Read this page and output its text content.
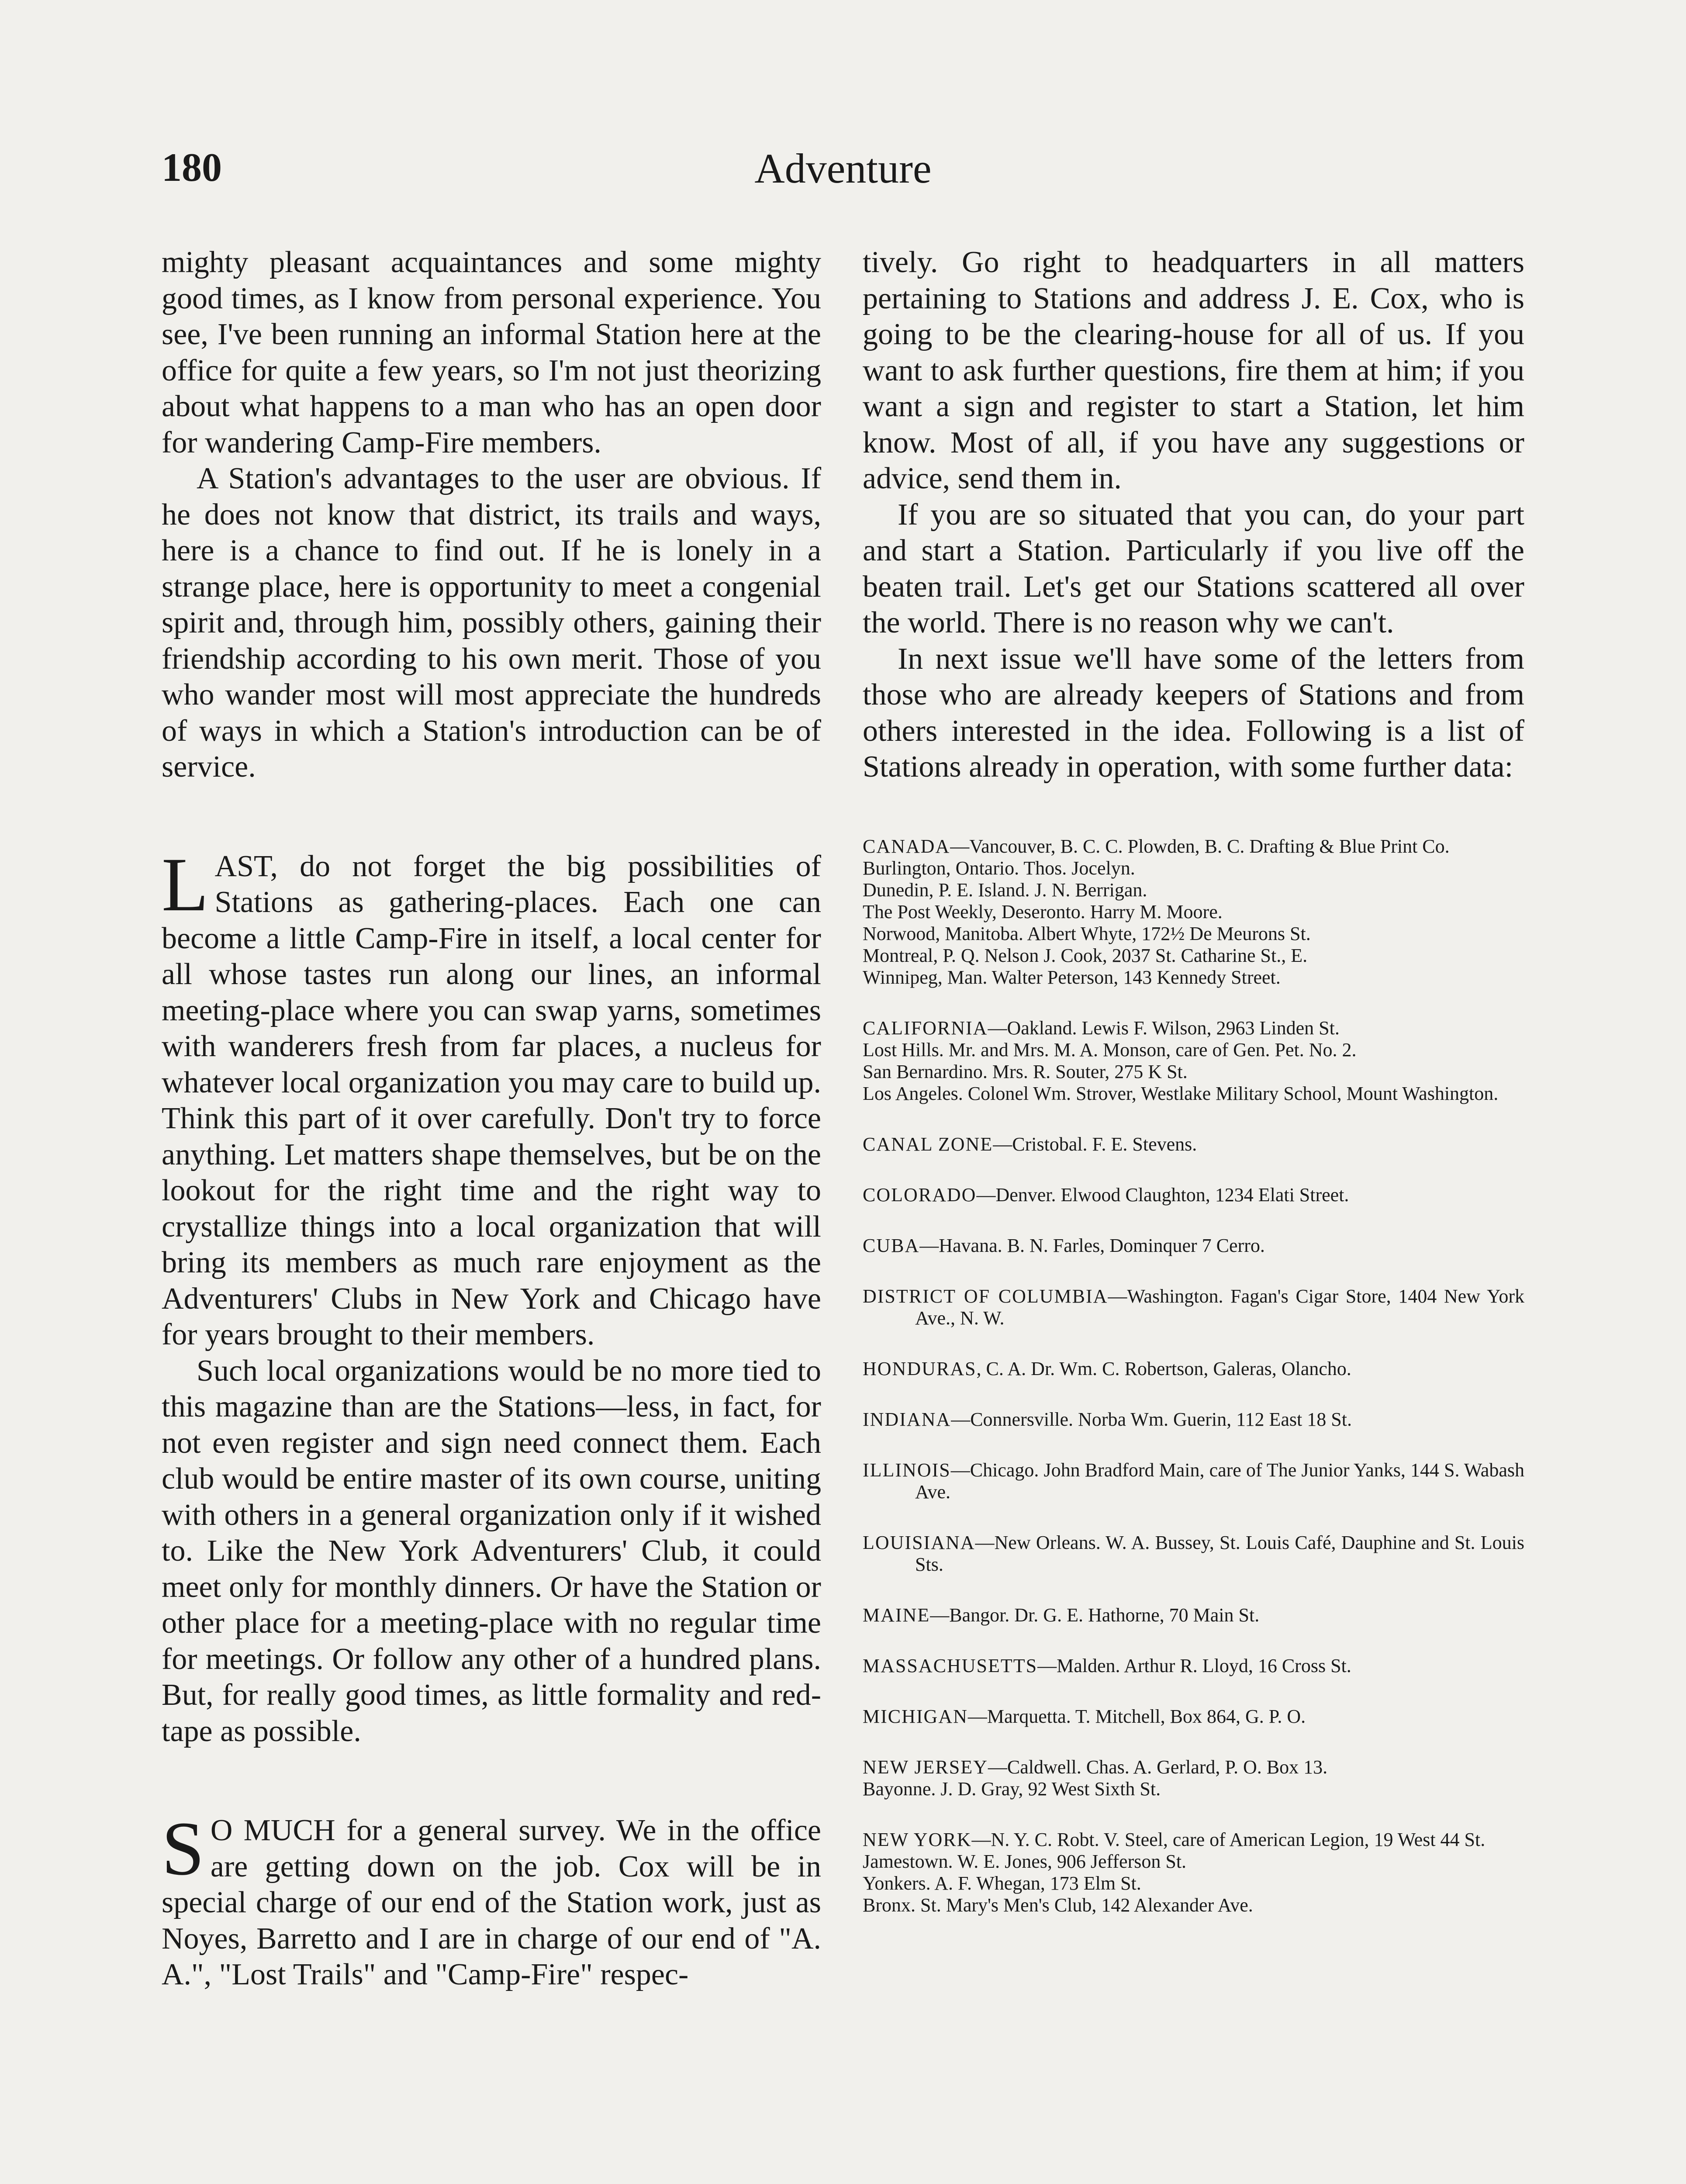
180	Adventure

mighty pleasant acquaintances and some mighty good times, as I know from personal experience. You see, I've been running an informal Station here at the office for quite a few years, so I'm not just theorizing about what happens to a man who has an open door for wandering Camp-Fire members.

A Station's advantages to the user are obvious. If he does not know that district, its trails and ways, here is a chance to find out. If he is lonely in a strange place, here is opportunity to meet a congenial spirit and, through him, possibly others, gaining their friendship according to his own merit. Those of you who wander most will most appreciate the hundreds of ways in which a Station's introduction can be of service.

LAST, do not forget the big possibilities of Stations as gathering-places. Each one can become a little Camp-Fire in itself, a local center for all whose tastes run along our lines, an informal meeting-place where you can swap yarns, sometimes with wanderers fresh from far places, a nucleus for whatever local organization you may care to build up. Think this part of it over carefully. Don't try to force anything. Let matters shape themselves, but be on the lookout for the right time and the right way to crystallize things into a local organization that will bring its members as much rare enjoyment as the Adventurers' Clubs in New York and Chicago have for years brought to their members.

Such local organizations would be no more tied to this magazine than are the Stations—less, in fact, for not even register and sign need connect them. Each club would be entire master of its own course, uniting with others in a general organization only if it wished to. Like the New York Adventurers' Club, it could meet only for monthly dinners. Or have the Station or other place for a meeting-place with no regular time for meetings. Or follow any other of a hundred plans. But, for really good times, as little formality and red-tape as possible.

S O MUCH for a general survey. We in the office are getting down on the job. Cox will be in special charge of our end of the Station work, just as Noyes, Barretto and I are in charge of our end of "A. A.", "Lost Trails" and "Camp-Fire" respec-

tively. Go right to headquarters in all matters pertaining to Stations and address J. E. Cox, who is going to be the clearing-house for all of us. If you want to ask further questions, fire them at him; if you want a sign and register to start a Station, let him know. Most of all, if you have any suggestions or advice, send them in.

If you are so situated that you can, do your part and start a Station. Particularly if you live off the beaten trail. Let's get our Stations scattered all over the world. There is no reason why we can't.

In next issue we'll have some of the letters from those who are already keepers of Stations and from others interested in the idea. Following is a list of Stations already in operation, with some further data:

CANADA—Vancouver, B. C. C. Plowden, B. C. Drafting & Blue Print Co.
Burlington, Ontario. Thos. Jocelyn.
Dunedin, P. E. Island. J. N. Berrigan.
The Post Weekly, Deseronto. Harry M. Moore.
Norwood, Manitoba. Albert Whyte, 172½ De Meurons St.
Montreal, P. Q. Nelson J. Cook, 2037 St. Catharine St., E.
Winnipeg, Man. Walter Peterson, 143 Kennedy Street.
CALIFORNIA—Oakland. Lewis F. Wilson, 2963 Linden St.
Lost Hills. Mr. and Mrs. M. A. Monson, care of Gen. Pet. No. 2.
San Bernardino. Mrs. R. Souter, 275 K St.
Los Angeles. Colonel Wm. Strover, Westlake Military School, Mount Washington.
CANAL ZONE—Cristobal. F. E. Stevens.
COLORADO—Denver. Elwood Claughton, 1234 Elati Street.
CUBA—Havana. B. N. Farles, Dominquer 7 Cerro.
DISTRICT OF COLUMBIA—Washington. Fagan's Cigar Store, 1404 New York Ave., N. W.
HONDURAS, C. A. Dr. Wm. C. Robertson, Galeras, Olancho.
INDIANA—Connersville. Norba Wm. Guerin, 112 East 18 St.
ILLINOIS—Chicago. John Bradford Main, care of The Junior Yanks, 144 S. Wabash Ave.
LOUISIANA—New Orleans. W. A. Bussey, St. Louis Café, Dauphine and St. Louis Sts.
MAINE—Bangor. Dr. G. E. Hathorne, 70 Main St.
MASSACHUSETTS—Malden. Arthur R. Lloyd, 16 Cross St.
MICHIGAN—Marquetta. T. Mitchell, Box 864, G. P. O.
NEW JERSEY—Caldwell. Chas. A. Gerlard, P. O. Box 13.
Bayonne. J. D. Gray, 92 West Sixth St.
NEW YORK—N. Y. C. Robt. V. Steel, care of American Legion, 19 West 44 St.
Jamestown. W. E. Jones, 906 Jefferson St.
Yonkers. A. F. Whegan, 173 Elm St.
Bronx. St. Mary's Men's Club, 142 Alexander Ave.
